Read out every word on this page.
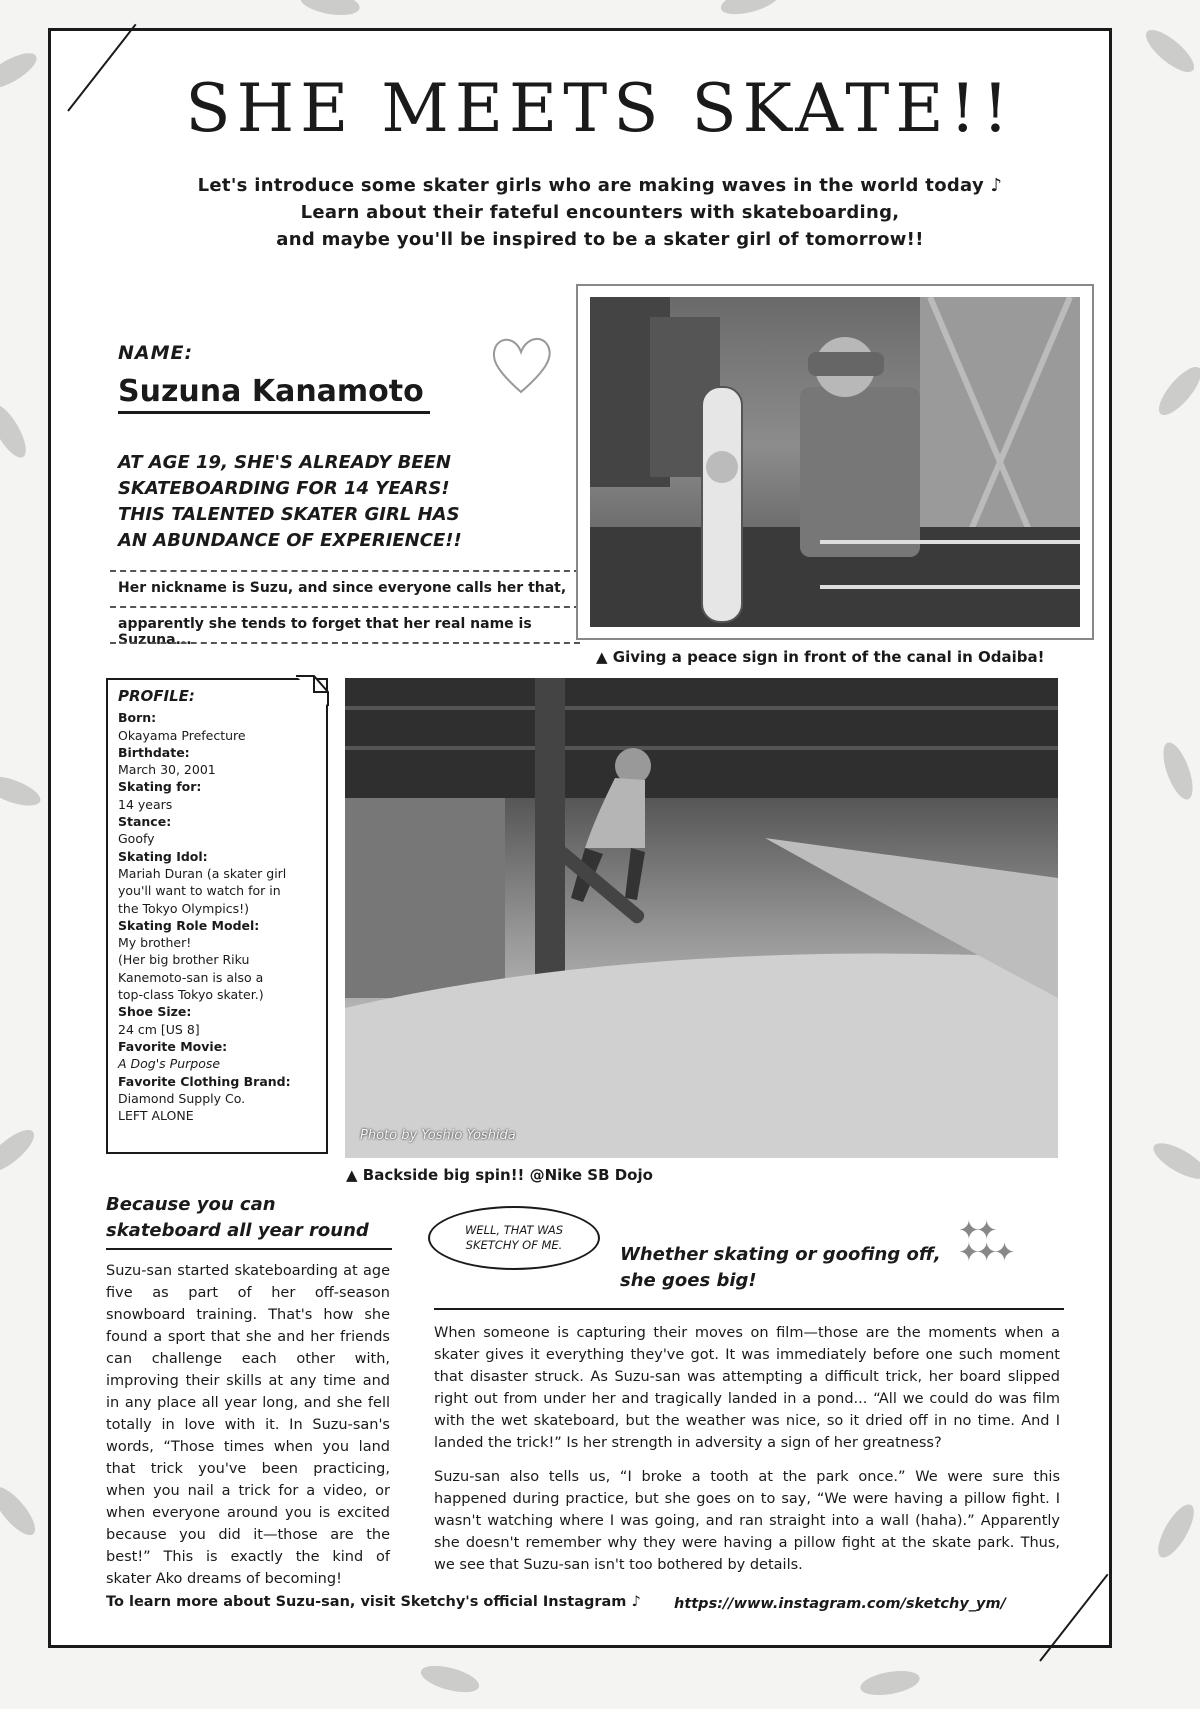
SHE MEETS SKATE!!
Let's introduce some skater girls who are making waves in the world today ♪
Learn about their fateful encounters with skateboarding,
and maybe you'll be inspired to be a skater girl of tomorrow!!
NAME:
Suzuna Kanamoto
AT AGE 19, SHE'S ALREADY BEEN
SKATEBOARDING FOR 14 YEARS!
THIS TALENTED SKATER GIRL HAS
AN ABUNDANCE OF EXPERIENCE!!
Her nickname is Suzu, and since everyone calls her that,
apparently she tends to forget that her real name is Suzuna...
▲ Giving a peace sign in front of the canal in Odaiba!
PROFILE:
Born:
Okayama Prefecture
Birthdate:
March 30, 2001
Skating for:
14 years
Stance:
Goofy
Skating Idol:
Mariah Duran (a skater girl
you'll want to watch for in
the Tokyo Olympics!)
Skating Role Model:
My brother!
(Her big brother Riku
Kanemoto-san is also a
top-class Tokyo skater.)
Shoe Size:
24 cm [US 8]
Favorite Movie:
A Dog's Purpose
Favorite Clothing Brand:
Diamond Supply Co.
LEFT ALONE
Photo by Yoshio Yoshida
▲ Backside big spin!! @Nike SB Dojo
Because you can
skateboard all year round

Suzu-san started skateboarding at age five as part of her off-season snowboard training. That's how she found a sport that she and her friends can challenge each other with, improving their skills at any time and in any place all year long, and she fell totally in love with it. In Suzu-san's words, “Those times when you land that trick you've been practicing, when you nail a trick for a video, or when everyone around you is excited because you did it—those are the best!” This is exactly the kind of skater Ako dreams of becoming!

WELL, THAT WAS
SKETCHY OF ME.	Whether skating or goofing off,
she goes big!
✦✦
✦✦✦

When someone is capturing their moves on film—those are the moments when a skater gives it everything they've got. It was immediately before one such moment that disaster struck. As Suzu-san was attempting a difficult trick, her board slipped right out from under her and tragically landed in a pond... “All we could do was film with the wet skateboard, but the weather was nice, so it dried off in no time. And I landed the trick!” Is her strength in adversity a sign of her greatness?

Suzu-san also tells us, “I broke a tooth at the park once.” We were sure this happened during practice, but she goes on to say, “We were having a pillow fight. I wasn't watching where I was going, and ran straight into a wall (haha).” Apparently she doesn't remember why they were having a pillow fight at the skate park. Thus, we see that Suzu-san isn't too bothered by details.

To learn more about Suzu-san, visit Sketchy's official Instagram ♪ https://www.instagram.com/sketchy_ym/
